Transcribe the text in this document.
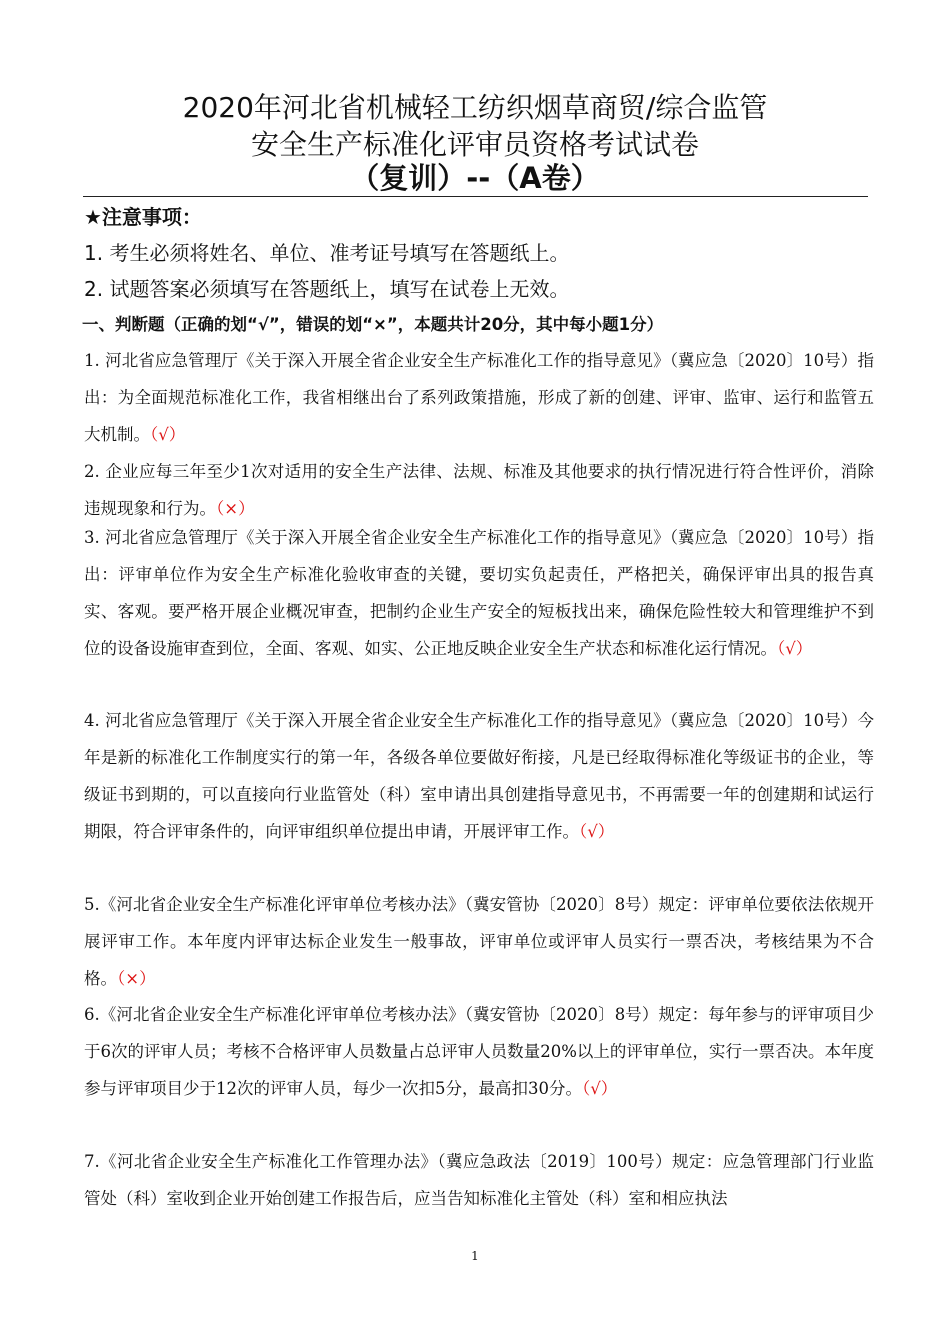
2020年河北省机械轻工纺织烟草商贸/综合监管
安全生产标准化评审员资格考试试卷
（复训）--（A卷）
★注意事项：
1. 考生必须将姓名、单位、准考证号填写在答题纸上。
2. 试题答案必须填写在答题纸上，填写在试卷上无效。
一、判断题（正确的划“√”，错误的划“×”，本题共计20分，其中每小题1分）
1. 河北省应急管理厅《关于深入开展全省企业安全生产标准化工作的指导意见》（冀应急〔2020〕10号）指出：为全面规范标准化工作，我省相继出台了系列政策措施，形成了新的创建、评审、监审、运行和监管五大机制。（√）
2. 企业应每三年至少1次对适用的安全生产法律、法规、标准及其他要求的执行情况进行符合性评价，消除违规现象和行为。（×）
3. 河北省应急管理厅《关于深入开展全省企业安全生产标准化工作的指导意见》（冀应急〔2020〕10号）指出：评审单位作为安全生产标准化验收审查的关键，要切实负起责任，严格把关，确保评审出具的报告真实、客观。要严格开展企业概况审查，把制约企业生产安全的短板找出来，确保危险性较大和管理维护不到位的设备设施审查到位，全面、客观、如实、公正地反映企业安全生产状态和标准化运行情况。（√）
4. 河北省应急管理厅《关于深入开展全省企业安全生产标准化工作的指导意见》（冀应急〔2020〕10号）今年是新的标准化工作制度实行的第一年，各级各单位要做好衔接，凡是已经取得标准化等级证书的企业，等级证书到期的，可以直接向行业监管处（科）室申请出具创建指导意见书，不再需要一年的创建期和试运行期限，符合评审条件的，向评审组织单位提出申请，开展评审工作。（√）
5.《河北省企业安全生产标准化评审单位考核办法》（冀安管协〔2020〕8号）规定：评审单位要依法依规开展评审工作。本年度内评审达标企业发生一般事故，评审单位或评审人员实行一票否决，考核结果为不合格。（×）
6.《河北省企业安全生产标准化评审单位考核办法》（冀安管协〔2020〕8号）规定：每年参与的评审项目少于6次的评审人员；考核不合格评审人员数量占总评审人员数量20%以上的评审单位，实行一票否决。本年度参与评审项目少于12次的评审人员，每少一次扣5分，最高扣30分。（√）
7.《河北省企业安全生产标准化工作管理办法》（冀应急政法〔2019〕100号）规定：应急管理部门行业监管处（科）室收到企业开始创建工作报告后，应当告知标准化主管处（科）室和相应执法
1
